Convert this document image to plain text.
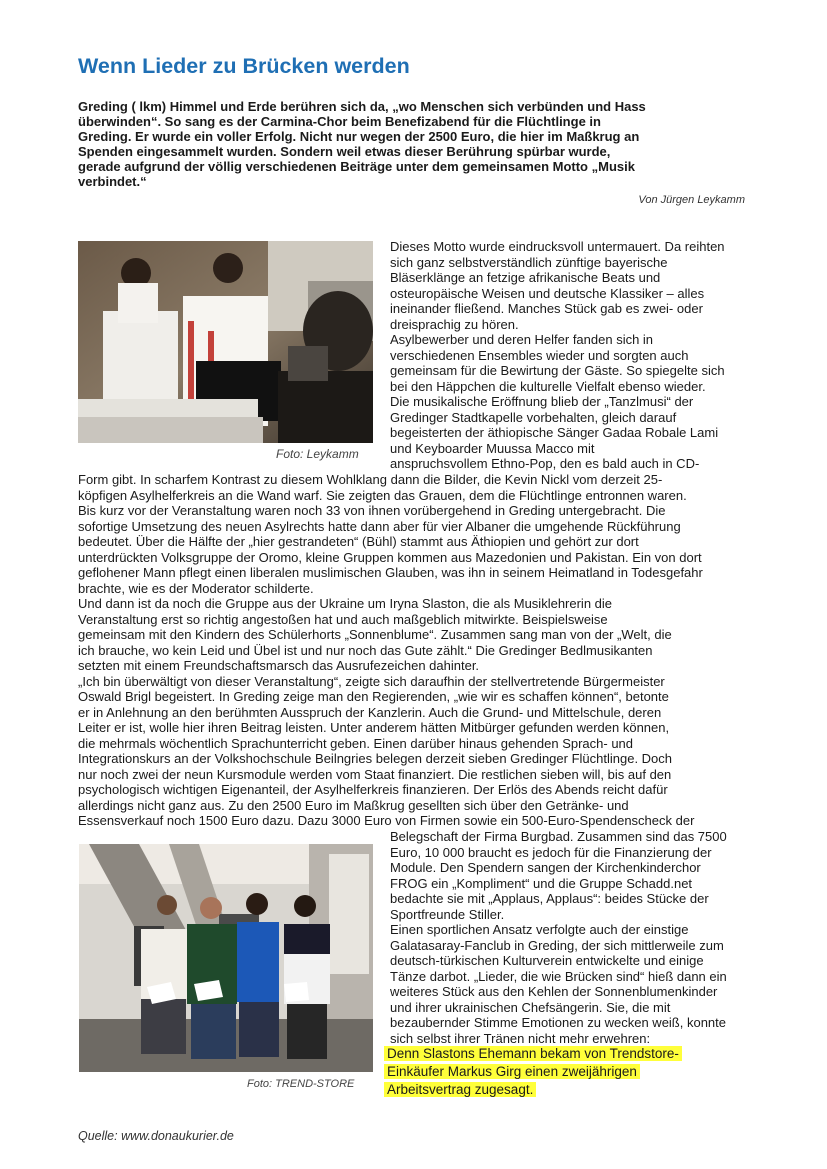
Wenn Lieder zu Brücken werden
Greding ( lkm) Himmel und Erde berühren sich da, „wo Menschen sich verbünden und Hass
überwinden“. So sang es der Carmina-Chor beim Benefizabend für die Flüchtlinge in
Greding. Er wurde ein voller Erfolg. Nicht nur wegen der 2500 Euro, die hier im Maßkrug an
Spenden eingesammelt wurden. Sondern weil etwas dieser Berührung spürbar wurde,
gerade aufgrund der völlig verschiedenen Beiträge unter dem gemeinsamen Motto „Musik
verbindet.“
Von Jürgen Leykamm
Foto: Leykamm
Dieses Motto wurde eindrucksvoll untermauert. Da reihten
sich ganz selbstverständlich zünftige bayerische
Bläserklänge an fetzige afrikanische Beats und
osteuropäische Weisen und deutsche Klassiker – alles
ineinander fließend. Manches Stück gab es zwei- oder
dreisprachig zu hören.
Asylbewerber und deren Helfer fanden sich in
verschiedenen Ensembles wieder und sorgten auch
gemeinsam für die Bewirtung der Gäste. So spiegelte sich
bei den Häppchen die kulturelle Vielfalt ebenso wieder.
Die musikalische Eröffnung blieb der „Tanzlmusi“ der
Gredinger Stadtkapelle vorbehalten, gleich darauf
begeisterten der äthiopische Sänger Gadaa Robale Lami
und Keyboarder Muussa Macco mit
anspruchsvollem Ethno-Pop, den es bald auch in CD-
Form gibt. In scharfem Kontrast zu diesem Wohlklang dann die Bilder, die Kevin Nickl vom derzeit 25-
köpfigen Asylhelferkreis an die Wand warf. Sie zeigten das Grauen, dem die Flüchtlinge entronnen waren.
Bis kurz vor der Veranstaltung waren noch 33 von ihnen vorübergehend in Greding untergebracht. Die
sofortige Umsetzung des neuen Asylrechts hatte dann aber für vier Albaner die umgehende Rückführung
bedeutet. Über die Hälfte der „hier gestrandeten“ (Bühl) stammt aus Äthiopien und gehört zur dort
unterdrückten Volksgruppe der Oromo, kleine Gruppen kommen aus Mazedonien und Pakistan. Ein von dort
geflohener Mann pflegt einen liberalen muslimischen Glauben, was ihn in seinem Heimatland in Todesgefahr
brachte, wie es der Moderator schilderte.
Und dann ist da noch die Gruppe aus der Ukraine um Iryna Slaston, die als Musiklehrerin die
Veranstaltung erst so richtig angestoßen hat und auch maßgeblich mitwirkte. Beispielsweise
gemeinsam mit den Kindern des Schülerhorts „Sonnenblume“. Zusammen sang man von der „Welt, die
ich brauche, wo kein Leid und Übel ist und nur noch das Gute zählt.“ Die Gredinger Bedlmusikanten
setzten mit einem Freundschaftsmarsch das Ausrufezeichen dahinter.
„Ich bin überwältigt von dieser Veranstaltung“, zeigte sich daraufhin der stellvertretende Bürgermeister
Oswald Brigl begeistert. In Greding zeige man den Regierenden, „wie wir es schaffen können“, betonte
er in Anlehnung an den berühmten Ausspruch der Kanzlerin. Auch die Grund- und Mittelschule, deren
Leiter er ist, wolle hier ihren Beitrag leisten. Unter anderem hätten Mitbürger gefunden werden können,
die mehrmals wöchentlich Sprachunterricht geben. Einen darüber hinaus gehenden Sprach- und
Integrationskurs an der Volkshochschule Beilngries belegen derzeit sieben Gredinger Flüchtlinge. Doch
nur noch zwei der neun Kursmodule werden vom Staat finanziert. Die restlichen sieben will, bis auf den
psychologisch wichtigen Eigenanteil, der Asylhelferkreis finanzieren. Der Erlös des Abends reicht dafür
allerdings nicht ganz aus. Zu den 2500 Euro im Maßkrug gesellten sich über den Getränke- und
Essensverkauf noch 1500 Euro dazu. Dazu 3000 Euro von Firmen sowie ein 500-Euro-Spendenscheck der
Foto: TREND-STORE
Belegschaft der Firma Burgbad. Zusammen sind das 7500
Euro, 10 000 braucht es jedoch für die Finanzierung der
Module. Den Spendern sangen der Kirchenkinderchor
FROG ein „Kompliment“ und die Gruppe Schadd.net
bedachte sie mit „Applaus, Applaus“: beides Stücke der
Sportfreunde Stiller.
Einen sportlichen Ansatz verfolgte auch der einstige
Galatasaray-Fanclub in Greding, der sich mittlerweile zum
deutsch-türkischen Kulturverein entwickelte und einige
Tänze darbot. „Lieder, die wie Brücken sind“ hieß dann ein
weiteres Stück aus den Kehlen der Sonnenblumenkinder
und ihrer ukrainischen Chefsängerin. Sie, die mit
bezaubernder Stimme Emotionen zu wecken weiß, konnte
sich selbst ihrer Tränen nicht mehr erwehren:
Denn Slastons Ehemann bekam von Trendstore-
Einkäufer Markus Girg einen zweijährigen
Arbeitsvertrag zugesagt.
Quelle: www.donaukurier.de
